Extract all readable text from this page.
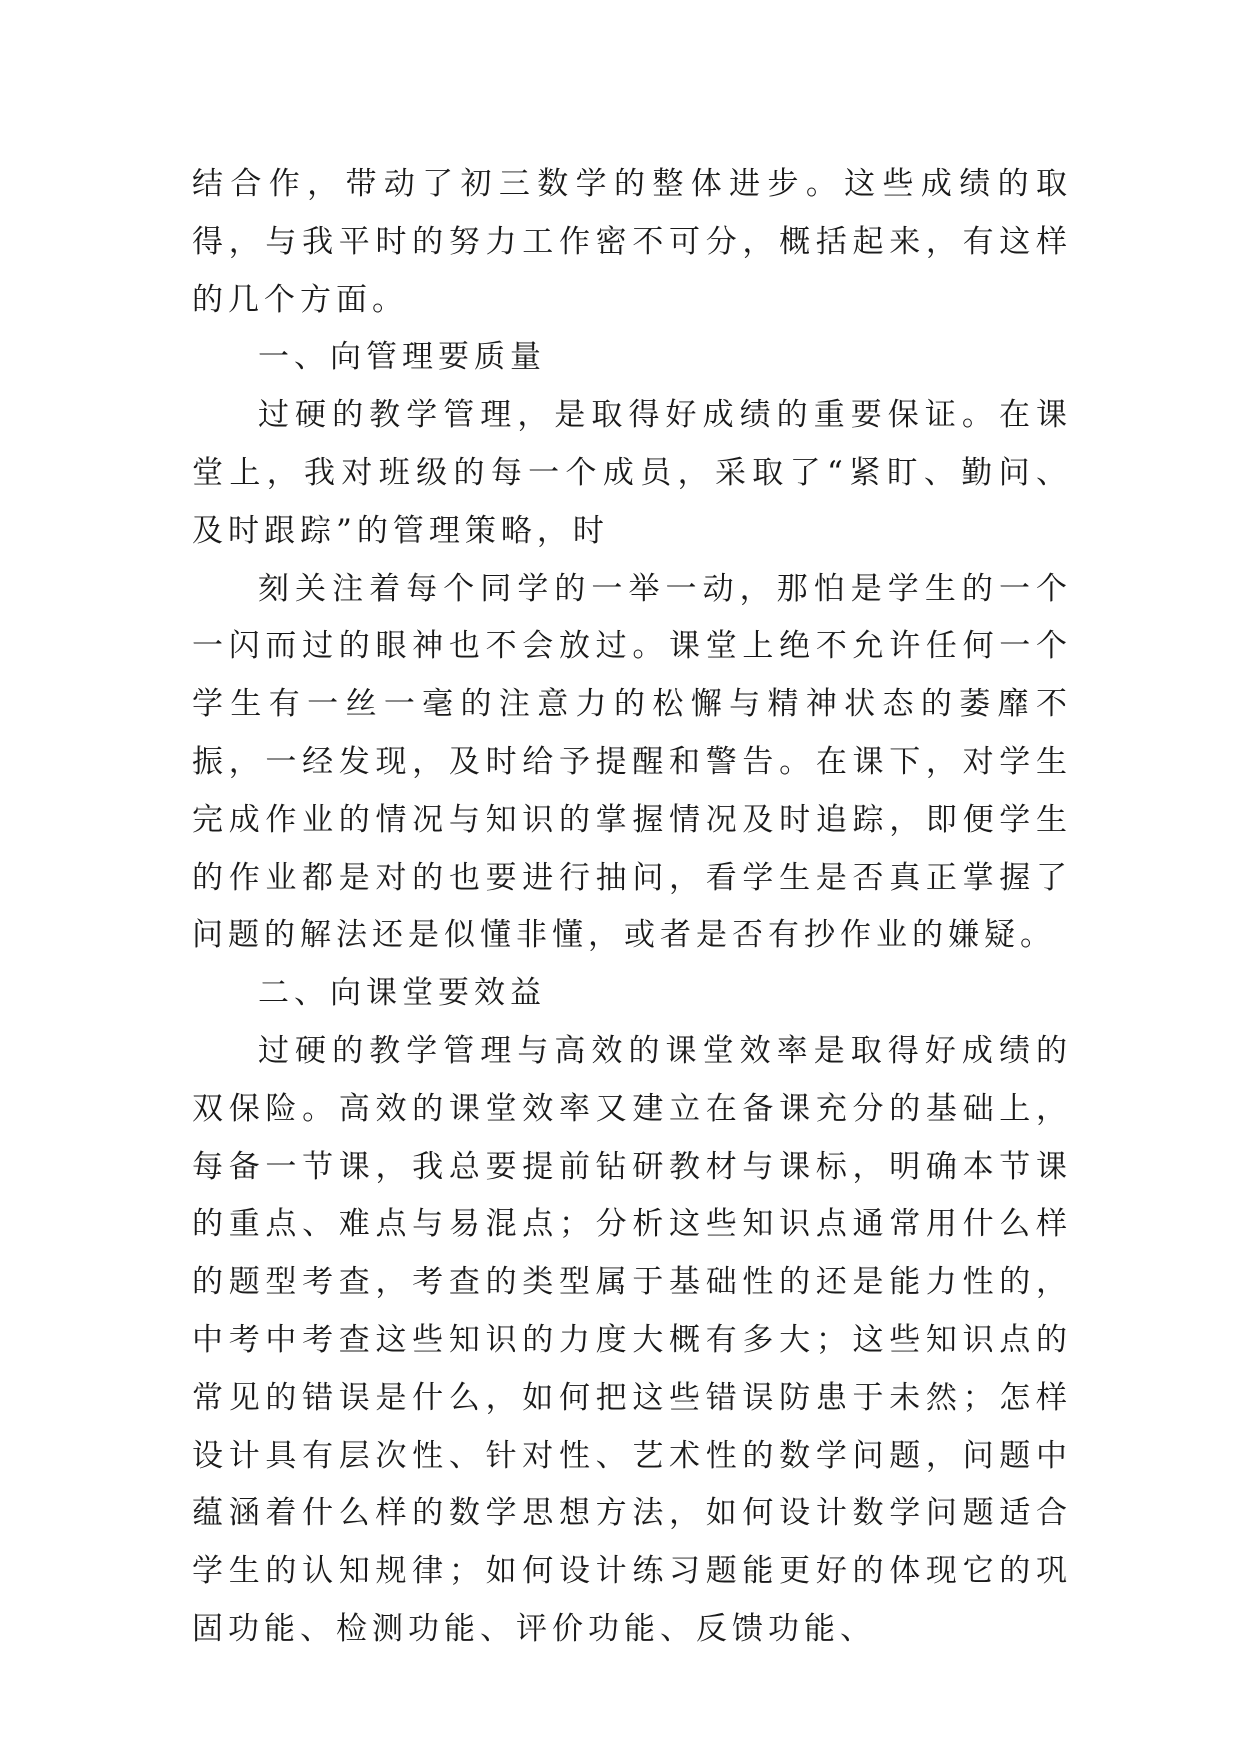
结合作，带动了初三数学的整体进步。这些成绩的取得，与我平时的努力工作密不可分，概括起来，有这样的几个方面。

一、向管理要质量

过硬的教学管理，是取得好成绩的重要保证。在课堂上，我对班级的每一个成员，采取了“紧盯、勤问、及时跟踪”的管理策略，时

刻关注着每个同学的一举一动，那怕是学生的一个一闪而过的眼神也不会放过。课堂上绝不允许任何一个学生有一丝一毫的注意力的松懈与精神状态的萎靡不振，一经发现，及时给予提醒和警告。在课下，对学生完成作业的情况与知识的掌握情况及时追踪，即便学生的作业都是对的也要进行抽问，看学生是否真正掌握了问题的解法还是似懂非懂，或者是否有抄作业的嫌疑。

二、向课堂要效益

过硬的教学管理与高效的课堂效率是取得好成绩的双保险。高效的课堂效率又建立在备课充分的基础上，每备一节课，我总要提前钻研教材与课标，明确本节课的重点、难点与易混点；分析这些知识点通常用什么样的题型考查，考查的类型属于基础性的还是能力性的，中考中考查这些知识的力度大概有多大；这些知识点的常见的错误是什么，如何把这些错误防患于未然；怎样设计具有层次性、针对性、艺术性的数学问题，问题中蕴涵着什么样的数学思想方法，如何设计数学问题适合学生的认知规律；如何设计练习题能更好的体现它的巩固功能、检测功能、评价功能、反馈功能、
